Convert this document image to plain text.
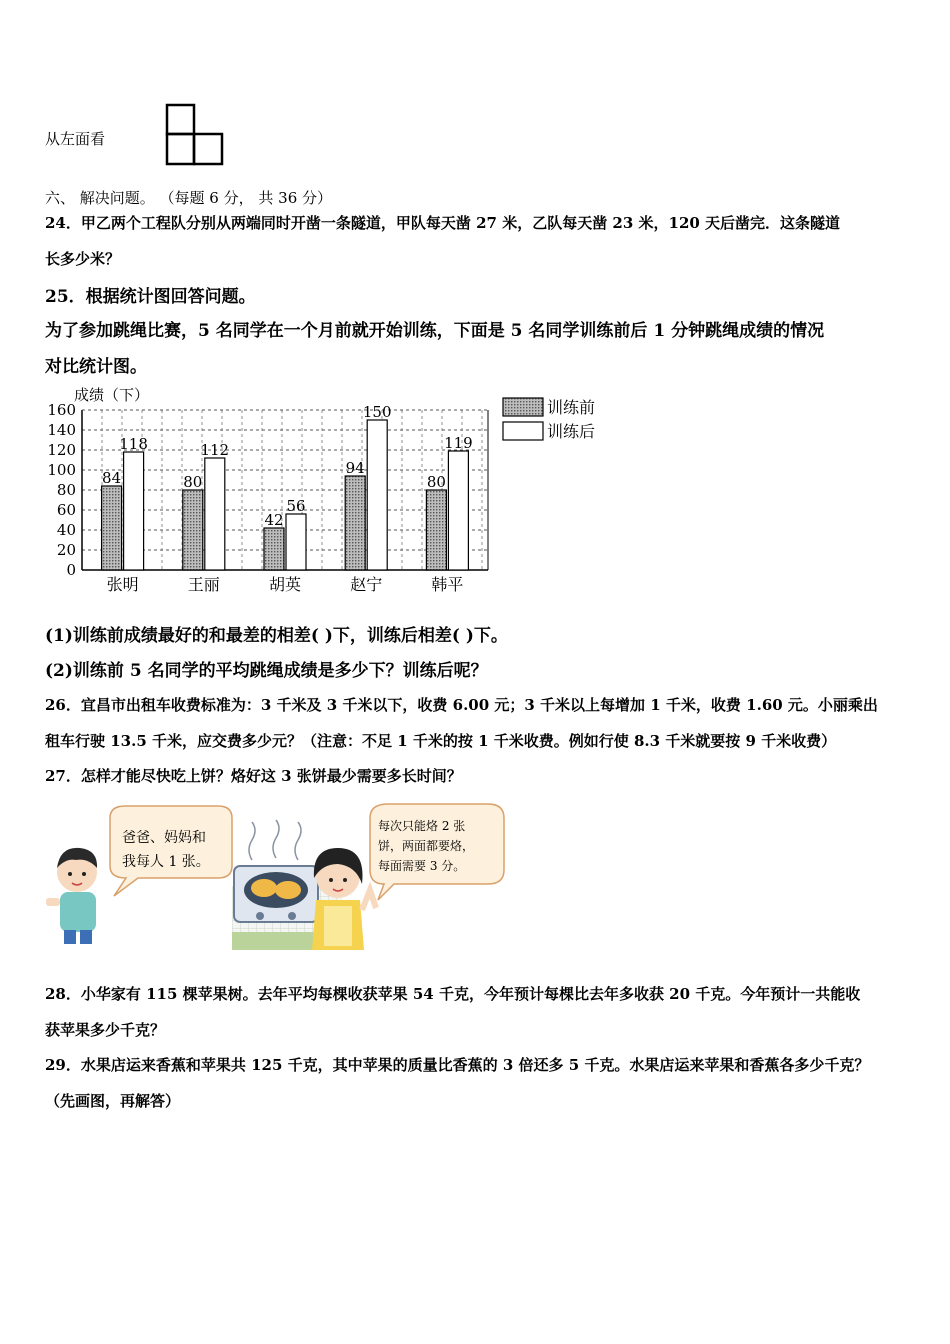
从左面看
六、 解决问题。 （每题 6 分， 共 36 分）
24．甲乙两个工程队分别从两端同时开凿一条隧道，甲队每天凿 27 米，乙队每天凿 23 米，120 天后凿完．这条隧道
长多少米？
25．根据统计图回答问题。
为了参加跳绳比赛，5 名同学在一个月前就开始训练，下面是 5 名同学训练前后 1 分钟跳绳成绩的情况
对比统计图。
成绩（下）
0
20
40
60
80
100
120
140
160
84
118
张明
80
112
王丽
42
56
胡英
94
150
赵宁
80
119
韩平
训练前
训练后
(1)训练前成绩最好的和最差的相差( )下，训练后相差( )下。
(2)训练前 5 名同学的平均跳绳成绩是多少下？训练后呢？
26．宜昌市出租车收费标准为：3 千米及 3 千米以下，收费 6.00 元；3 千米以上每增加 1 千米，收费 1.60 元。小丽乘出
租车行驶 13.5 千米，应交费多少元？（注意：不足 1 千米的按 1 千米收费。例如行使 8.3 千米就要按 9 千米收费）
27．怎样才能尽快吃上饼？烙好这 3 张饼最少需要多长时间？
爸爸、妈妈和
我每人 1 张。
每次只能烙 2 张
饼，两面都要烙，
每面需要 3 分。
28．小华家有 115 棵苹果树。去年平均每棵收获苹果 54 千克，今年预计每棵比去年多收获 20 千克。今年预计一共能收
获苹果多少千克？
29．水果店运来香蕉和苹果共 125 千克，其中苹果的质量比香蕉的 3 倍还多 5 千克。水果店运来苹果和香蕉各多少千克？
（先画图，再解答）
